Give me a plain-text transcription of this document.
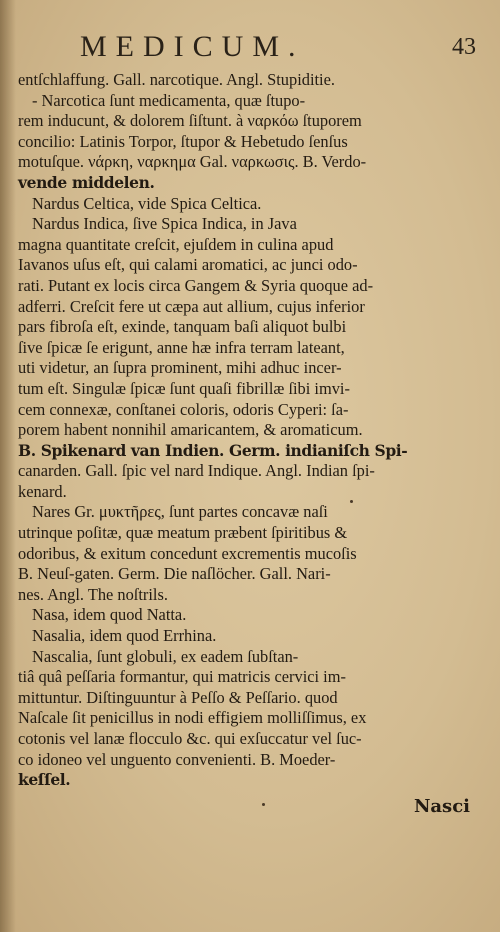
MEDICUM.	43
entſchlaffung. Gall. narcotique. Angl. Stupiditie.
- Narcotica ſunt medicamenta, quæ ſtupo-
rem inducunt, & dolorem ſiſtunt. à ναρκόω ſtuporem
concilio: Latinis Torpor, ſtupor & Hebetudo ſenſus
motuſque. νάρκη, ναρκημα Gal. ναρκωσις. B. Verdo-
vende middelen.
Nardus Celtica, vide Spica Celtica.
Nardus Indica, ſive Spica Indica, in Java
magna quantitate creſcit, ejuſdem in culina apud
Iavanos uſus eſt, qui calami aromatici, ac junci odo-
rati. Putant ex locis circa Gangem & Syria quoque ad-
adferri. Creſcit fere ut cæpa aut allium, cujus inferior
pars fibroſa eſt, exinde, tanquam baſi aliquot bulbi
ſive ſpicæ ſe erigunt, anne hæ infra terram lateant,
uti videtur, an ſupra prominent, mihi adhuc incer-
tum eſt. Singulæ ſpicæ ſunt quaſi fibrillæ ſibi imvi-
cem connexæ, conſtanei coloris, odoris Cyperi: ſa-
porem habent nonnihil amaricantem, & aromaticum.
B. Spikenard van Indien. Germ. indianiſch Spi-
canarden. Gall. ſpic vel nard Indique. Angl. Indian ſpi-
kenard.
Nares Gr. μυκτῆρες, ſunt partes concavæ naſi
utrinque poſitæ, quæ meatum præbent ſpiritibus &
odoribus, & exitum concedunt excrementis mucoſis
B. Neuſ-gaten. Germ. Die naſlöcher. Gall. Nari-
nes. Angl. The noſtrils.
Nasa, idem quod Natta.
Nasalia, idem quod Errhina.
Nascalia, ſunt globuli, ex eadem ſubſtan-
tiâ quâ peſſaria formantur, qui matricis cervici im-
mittuntur. Diſtinguuntur à Peſſo & Peſſario. quod
Naſcale ſit penicillus in nodi effigiem molliſſimus, ex
cotonis vel lanæ flocculo &c. qui exſuccatur vel ſuc-
co idoneo vel unguento convenienti. B. Moeder-
keſſel.
Nasci
